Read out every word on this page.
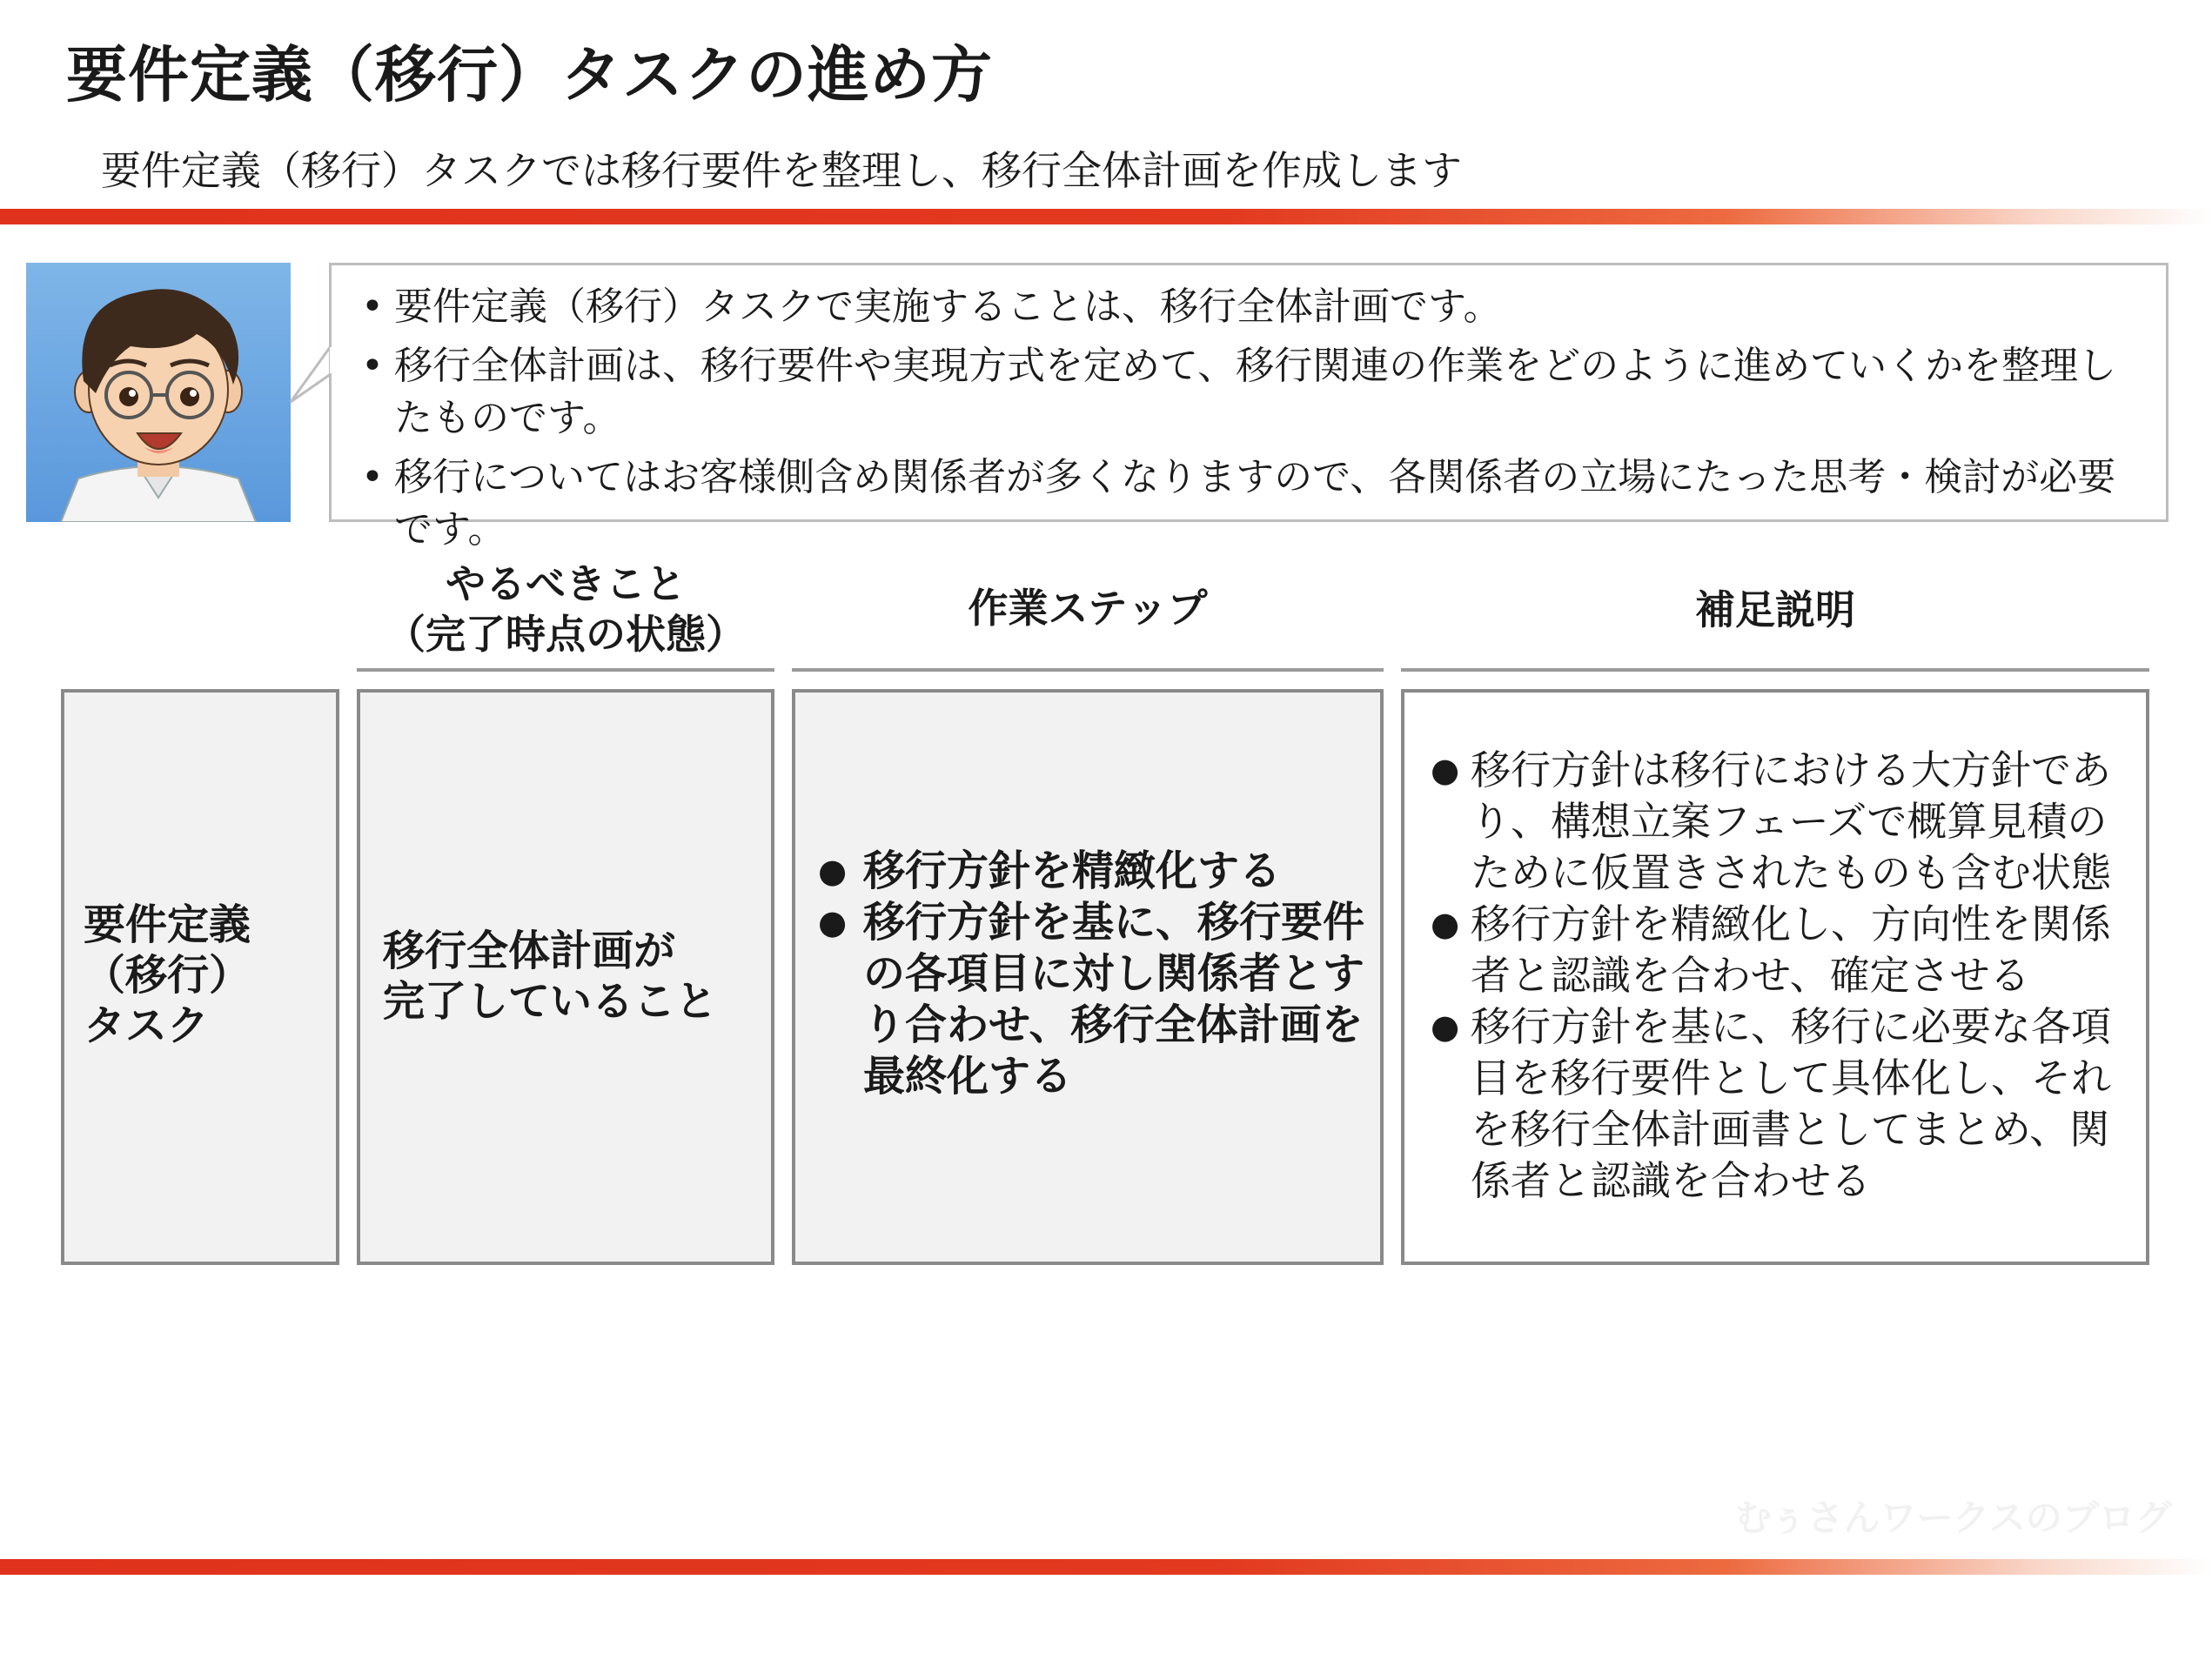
要件定義（移行）タスクの進め方
要件定義（移行）タスクでは移行要件を整理し、移行全体計画を作成します
• 要件定義（移行）タスクで実施することは、移行全体計画です。
• 移行全体計画は、移行要件や実現方式を定めて、移行関連の作業をどのように進めていくかを整理したものです。
• 移行についてはお客様側含め関係者が多くなりますので、各関係者の立場にたった思考・検討が必要です。
やるべきこと
（完了時点の状態）
作業ステップ	補足説明
要件定義
（移行）
タスク
移行全体計画が
完了していること
● 移行方針を精緻化する
● 移行方針を基に、移行要件の各項目に対し関係者とすり合わせ、移行全体計画を最終化する
● 移行方針は移行における大方針であり、構想立案フェーズで概算見積のために仮置きされたものも含む状態
● 移行方針を精緻化し、方向性を関係者と認識を合わせ、確定させる
● 移行方針を基に、移行に必要な各項目を移行要件として具体化し、それを移行全体計画書としてまとめ、関係者と認識を合わせる
むぅさんワークスのブログ
